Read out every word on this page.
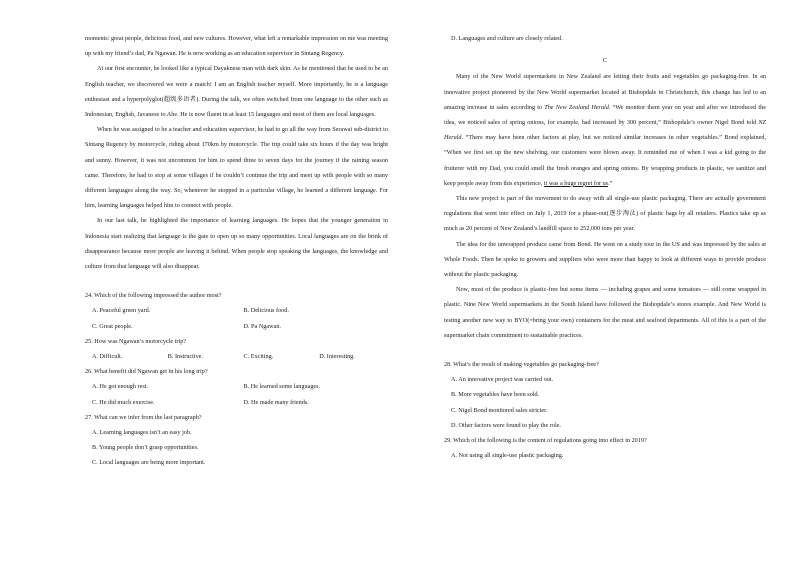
moments: great people, delicious food, and new cultures. However, what left a remarkable impression on me was meeting up with my friend’s dad, Pa Ngawan. He is now working as an education supervisor in Sintang Regency.

At our first encounter, he looked like a typical Dayaknese man with dark skin. As he mentioned that he used to be an English teacher, we discovered we were a match! I am an English teacher myself. More importantly, he is a language enthusiast and a hyperpolyglot(超级多语者). During the talk, we often switched from one language to the other such as Indonesian, English, Javanese to Ahe. He is now fluent in at least 15 languages and most of them are local languages.

When he was assigned to be a teacher and education supervisor, he had to go all the way from Serawai sub-district to Sintang Regency by motorcycle, riding about 170km by motorcycle. The trip could take six hours if the day was bright and sunny. However, it was not uncommon for him to spend three to seven days for the journey if the raining season came. Therefore, he had to stop at some villages if he couldn’t continue the trip and meet up with people with so many different languages along the way. So, whenever he stopped in a particular village, he learned a different language. For him, learning languages helped him to connect with people.

In our last talk, he highlighted the importance of learning languages. He hopes that the younger generation in Indonesia start realizing that language is the gate to open up so many opportunities. Local languages are on the brink of disappearance because more people are leaving it behind. When people stop speaking the languages, the knowledge and culture from that language will also disappear.

24. Which of the following impressed the author most?
A. Peaceful green yard.	B. Delicious food.
C. Great people.	D. Pa Ngawan.
25. How was Ngawan’s motorcycle trip?
A. Difficult.	B. Instructive.	C. Exciting.	D. Interesting.
26. What benefit did Ngawan get in his long trip?
A. He got enough rest.	B. He learned some languages.
C. He did much exercise.	D. He made many friends.
27. What can we infer from the last paragraph?
A. Learning languages isn’t an easy job.
B. Young people don’t grasp opportunities.
C. Local languages are being more important.
D. Languages and culture are closely related.
C

Many of the New World supermarkets in New Zealand are letting their fruits and vegetables go packaging-free. In an innovative project pioneered by the New World supermarket located at Bishopdale in Christchurch, this change has led to an amazing increase in sales according to The New Zealand Herald. “We monitor them year on year and after we introduced the idea, we noticed sales of spring onions, for example, had increased by 300 percent,” Bishopdale’s owner Nigel Bond told NZ Herald. “There may have been other factors at play, but we noticed similar increases in other vegetables.” Bond explained, “When we first set up the new shelving, our customers were blown away. It reminded me of when I was a kid going to the fruiterer with my Dad, you could smell the fresh oranges and spring onions. By wrapping products in plastic, we sanitize and keep people away from this experience, it was a huge regret for us.”

This new project is part of the movement to do away with all single-use plastic packaging. There are actually government regulations that went into effect on July 1, 2019 for a phase-out(逐步淘汰) of plastic bags by all retailers. Plastics take up as much as 20 percent of New Zealand’s landfill space to 252,000 tons per year.

The idea for the unwrapped produce came from Bond. He went on a study tour in the US and was impressed by the sales at Whole Foods. Then he spoke to growers and suppliers who were more than happy to look at different ways to provide produce without the plastic packaging.

Now, most of the produce is plastic-free but some items — including grapes and some tomatoes — still come wrapped in plastic. Nine New World supermarkets in the South Island have followed the Bishopdale’s stores example. And New World is testing another new way to BYO(=bring your own) containers for the meat and seafood departments. All of this is a part of the supermarket chain commitment to sustainable practices.

28. What’s the result of making vegetables go packaging-free?
A. An innovative project was carried out.
B. More vegetables have been sold.
C. Nigel Bond monitored sales stricter.
D. Other factors were found to play the role.
29. Which of the following is the content of regulations going into effect in 2019?
A. Not using all single-use plastic packaging.
